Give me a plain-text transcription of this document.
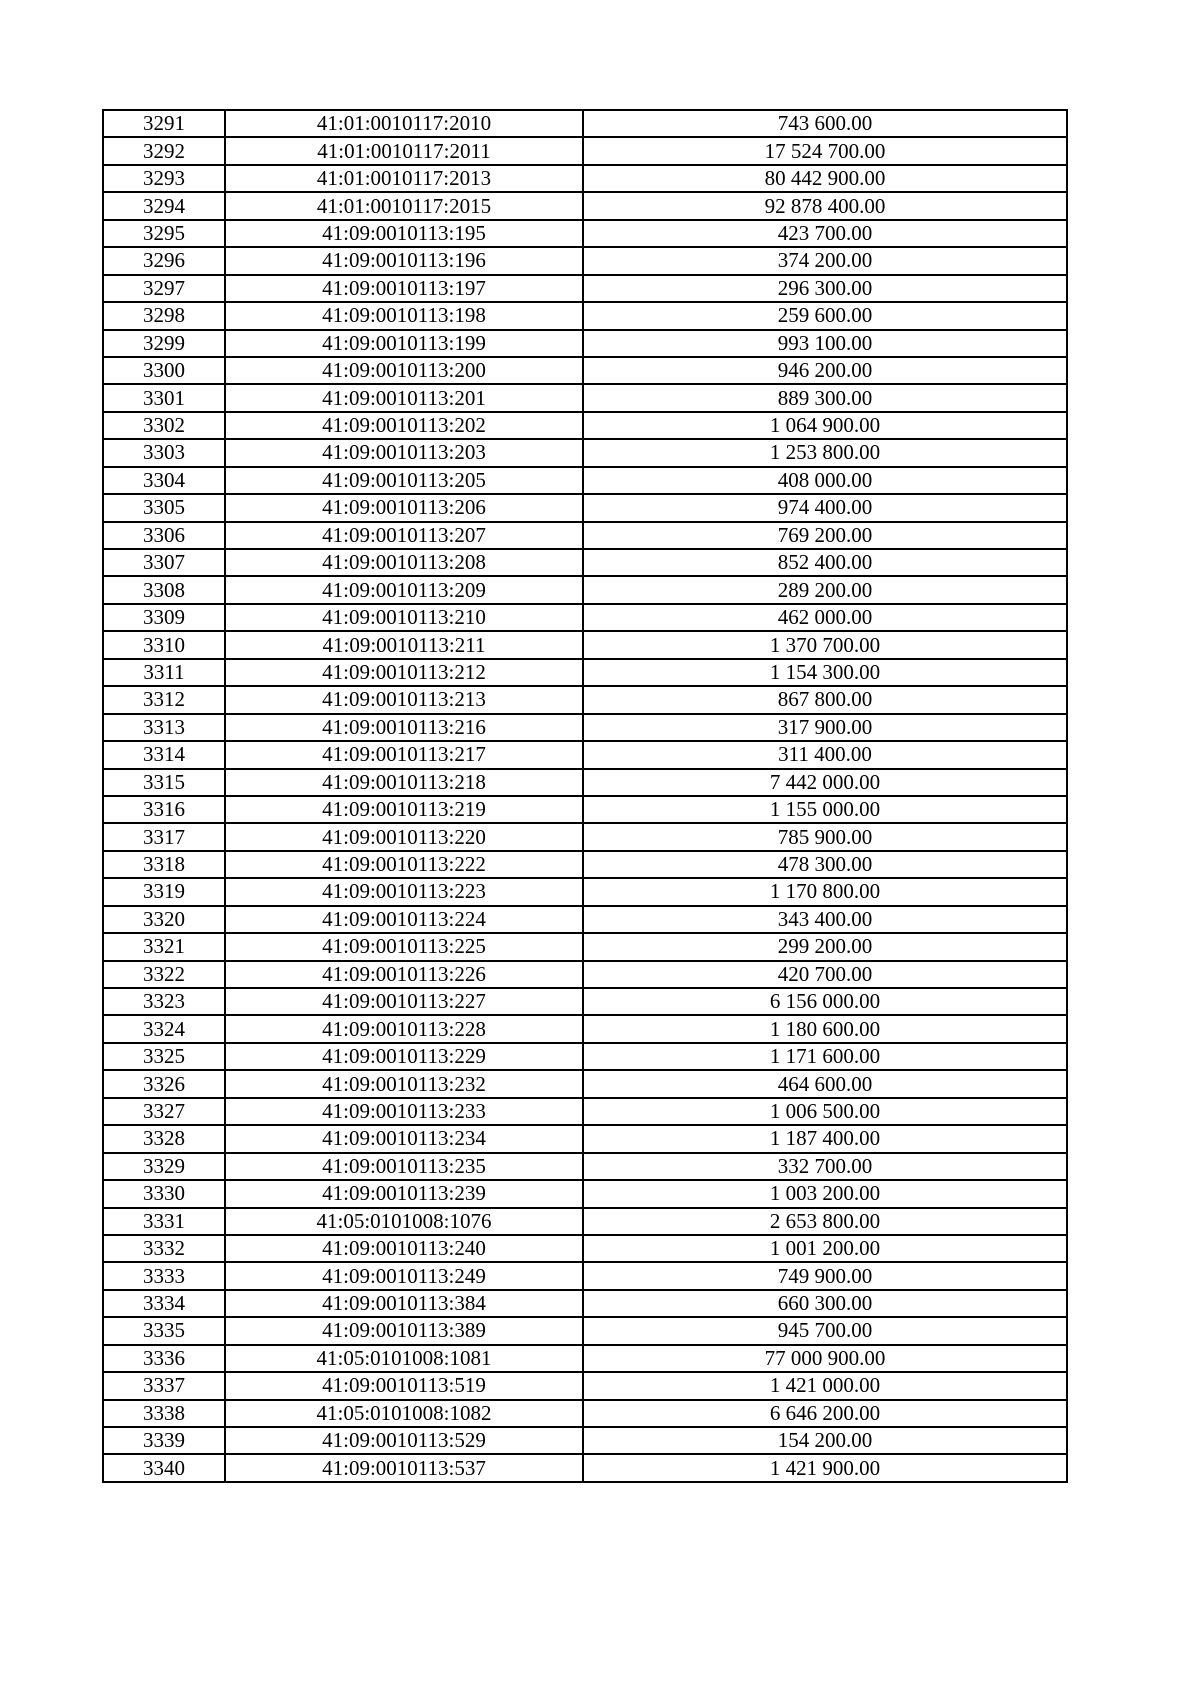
3291	41:01:0010117:2010	743 600.00
3292	41:01:0010117:2011	17 524 700.00
3293	41:01:0010117:2013	80 442 900.00
3294	41:01:0010117:2015	92 878 400.00
3295	41:09:0010113:195	423 700.00
3296	41:09:0010113:196	374 200.00
3297	41:09:0010113:197	296 300.00
3298	41:09:0010113:198	259 600.00
3299	41:09:0010113:199	993 100.00
3300	41:09:0010113:200	946 200.00
3301	41:09:0010113:201	889 300.00
3302	41:09:0010113:202	1 064 900.00
3303	41:09:0010113:203	1 253 800.00
3304	41:09:0010113:205	408 000.00
3305	41:09:0010113:206	974 400.00
3306	41:09:0010113:207	769 200.00
3307	41:09:0010113:208	852 400.00
3308	41:09:0010113:209	289 200.00
3309	41:09:0010113:210	462 000.00
3310	41:09:0010113:211	1 370 700.00
3311	41:09:0010113:212	1 154 300.00
3312	41:09:0010113:213	867 800.00
3313	41:09:0010113:216	317 900.00
3314	41:09:0010113:217	311 400.00
3315	41:09:0010113:218	7 442 000.00
3316	41:09:0010113:219	1 155 000.00
3317	41:09:0010113:220	785 900.00
3318	41:09:0010113:222	478 300.00
3319	41:09:0010113:223	1 170 800.00
3320	41:09:0010113:224	343 400.00
3321	41:09:0010113:225	299 200.00
3322	41:09:0010113:226	420 700.00
3323	41:09:0010113:227	6 156 000.00
3324	41:09:0010113:228	1 180 600.00
3325	41:09:0010113:229	1 171 600.00
3326	41:09:0010113:232	464 600.00
3327	41:09:0010113:233	1 006 500.00
3328	41:09:0010113:234	1 187 400.00
3329	41:09:0010113:235	332 700.00
3330	41:09:0010113:239	1 003 200.00
3331	41:05:0101008:1076	2 653 800.00
3332	41:09:0010113:240	1 001 200.00
3333	41:09:0010113:249	749 900.00
3334	41:09:0010113:384	660 300.00
3335	41:09:0010113:389	945 700.00
3336	41:05:0101008:1081	77 000 900.00
3337	41:09:0010113:519	1 421 000.00
3338	41:05:0101008:1082	6 646 200.00
3339	41:09:0010113:529	154 200.00
3340	41:09:0010113:537	1 421 900.00
